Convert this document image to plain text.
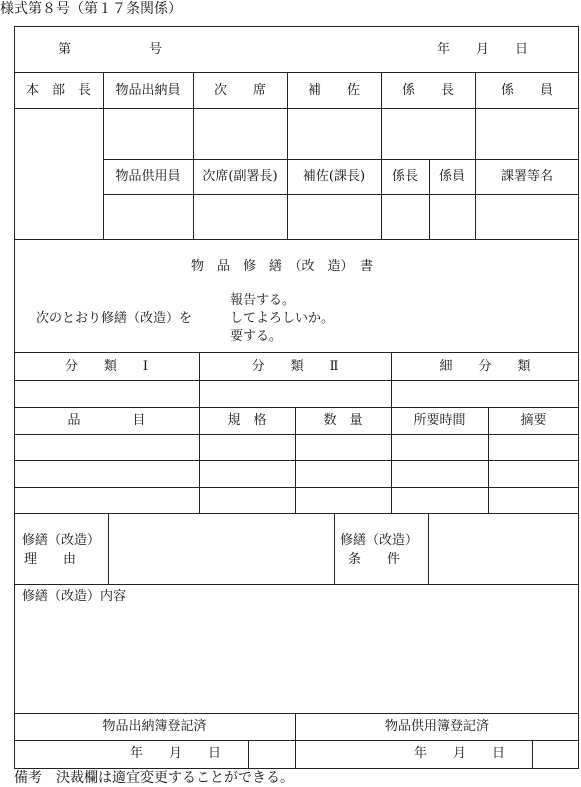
様式第８号（第１７条関係）
第　　　　　　号	年　　月　　日
本　部　長	物品出納員	次　　席	補　　佐	係　　長	係　　員
物品供用員	次席(副署長)	補佐(課長)	係長	係員	課署等名
物　品　修　繕　（改　造）　書
次のとおり修繕（改造）を
報告する。
してよろしいか。
要する。
分　　類　　Ⅰ	分　　類　　Ⅱ	細　　分　　類
品　　　　目	規　格	数　量	所要時間	摘要
修繕（改造）
理　　由
修繕（改造）
条　　件
修繕（改造）内容
物品出納簿登記済	物品供用簿登記済
年　　月　　日	年　　月　　日
備考　決裁欄は適宜変更することができる。
